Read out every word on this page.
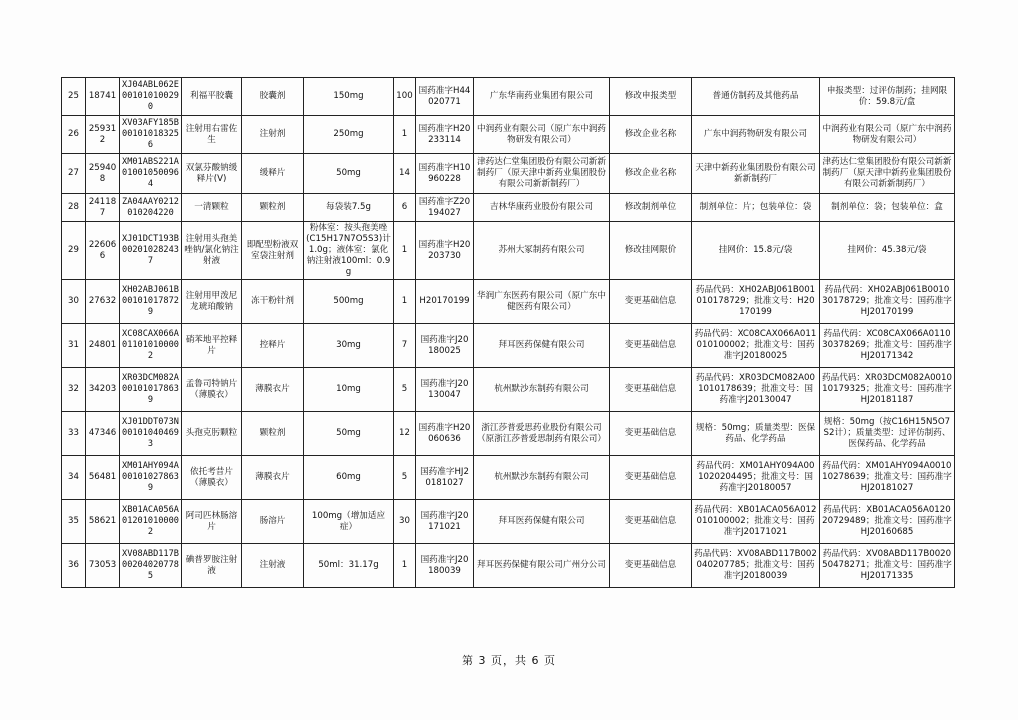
25	18741	XJ04ABL062E001010100290	利福平胶囊	胶囊剂	150mg	100	国药准字H44020771	广东华南药业集团有限公司	修改申报类型	普通仿制药及其他药品	申报类型：过评仿制药；挂网限价：59.8元/盒
26	259312	XV03AFY185B001010183256	注射用右雷佐生	注射剂	250mg	1	国药准字H20233114	中润药业有限公司（原广东中润药物研发有限公司）	修改企业名称	广东中润药物研发有限公司	中润药业有限公司（原广东中润药物研发有限公司）
27	259408	XM01ABS221A010010500964	双氯芬酸钠缓释片(V)	缓释片	50mg	14	国药准字H10960228	津药达仁堂集团股份有限公司新新制药厂（原天津中新药业集团股份有限公司新新制药厂）	修改企业名称	天津中新药业集团股份有限公司新新制药厂	津药达仁堂集团股份有限公司新新制药厂（原天津中新药业集团股份有限公司新新制药厂）
28	241187	ZA04AAY0212010204220	一清颗粒	颗粒剂	每袋装7.5g	6	国药准字Z20194027	吉林华康药业股份有限公司	修改制剂单位	制剂单位：片；包装单位：袋	制剂单位：袋；包装单位：盒
29	226066	XJ01DCT193B002010282437	注射用头孢美唑钠/氯化钠注射液	即配型粉液双室袋注射剂	粉体室：按头孢美唑(C15H17N7O5S3)计1.0g；液体室：氯化钠注射液100ml：0.9g	1	国药准字H20203730	苏州大冢制药有限公司	修改挂网限价	挂网价：15.8元/袋	挂网价：45.38元/袋
30	27632	XH02ABJ061B001010178729	注射用甲泼尼龙琥珀酸钠	冻干粉针剂	500mg	1	H20170199	华润广东医药有限公司（原广东中健医药有限公司）	变更基础信息	药品代码：XH02ABJ061B001010178729；批准文号：H20170199	药品代码：XH02ABJ061B001030178729；批准文号：国药准字HJ20170199
31	24801	XC08CAX066A011010100002	硝苯地平控释片	控释片	30mg	7	国药准字J20180025	拜耳医药保健有限公司	变更基础信息	药品代码：XC08CAX066A011010100002；批准文号：国药准字J20180025	药品代码：XC08CAX066A011030378269；批准文号：国药准字HJ20171342
32	34203	XR03DCM082A001010178639	孟鲁司特钠片（薄膜衣）	薄膜衣片	10mg	5	国药准字J20130047	杭州默沙东制药有限公司	变更基础信息	药品代码：XR03DCM082A001010178639；批准文号：国药准字J20130047	药品代码：XR03DCM082A001010179325；批准文号：国药准字HJ20181187
33	47346	XJ01DDT073N001010404693	头孢克肟颗粒	颗粒剂	50mg	12	国药准字H20060636	浙江莎普爱思药业股份有限公司（原浙江莎普爱思制药有限公司）	变更基础信息	规格：50mg；质量类型：医保药品、化学药品	规格：50mg（按C16H15N5O7S2计）；质量类型：过评仿制药、医保药品、化学药品
34	56481	XM01AHY094A001010278639	依托考昔片（薄膜衣）	薄膜衣片	60mg	5	国药准字HJ20181027	杭州默沙东制药有限公司	变更基础信息	药品代码：XM01AHY094A001020204495；批准文号：国药准字J20180057	药品代码：XM01AHY094A001010278639；批准文号：国药准字HJ20181027
35	58621	XB01ACA056A012010100002	阿司匹林肠溶片	肠溶片	100mg（增加适应症）	30	国药准字J20171021	拜耳医药保健有限公司	变更基础信息	药品代码：XB01ACA056A012010100002；批准文号：国药准字J20171021	药品代码：XB01ACA056A012020729489；批准文号：国药准字HJ20160685
36	73053	XV08ABD117B002040207785	碘普罗胺注射液	注射液	50ml：31.17g	1	国药准字J20180039	拜耳医药保健有限公司广州分公司	变更基础信息	药品代码：XV08ABD117B002040207785；批准文号：国药准字J20180039	药品代码：XV08ABD117B002050478271；批准文号：国药准字HJ20171335
第 3 页，共 6 页
